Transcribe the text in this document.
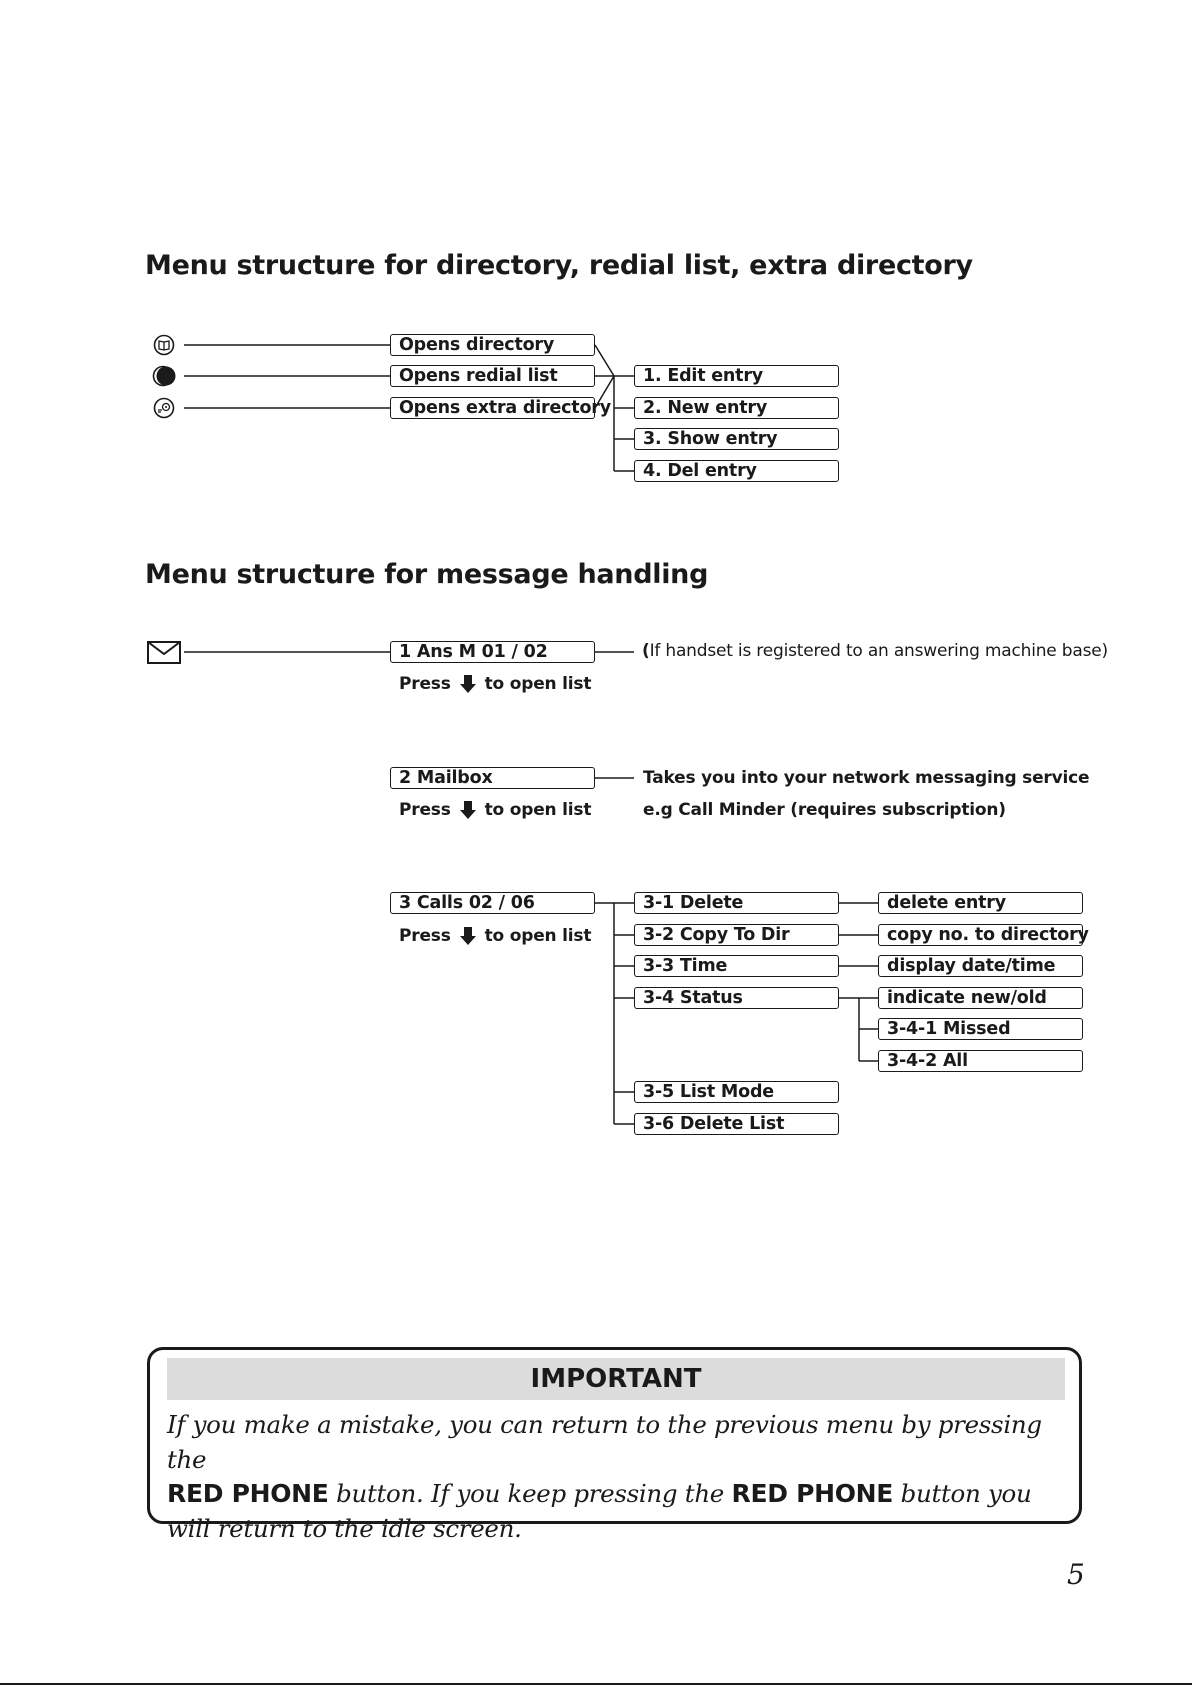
Menu structure for directory, redial list, extra directory
Opens directory
Opens redial list
Opens extra directory
1. Edit entry
2. New entry
3. Show entry
4. Del entry
Menu structure for message handling
1 Ans M 01 / 02	(If handset is registered to an answering machine base)
Press to open list
2 Mailbox	Takes you into your network messaging service
e.g Call Minder (requires subscription)
Press to open list
3 Calls 02 / 06
Press to open list
3-1 Delete
3-2 Copy To Dir
3-3 Time
3-4 Status
3-5 List Mode
3-6 Delete List
delete entry
copy no. to directory
display date/time
indicate new/old
3-4-1 Missed
3-4-2 All
IMPORTANT
If you make a mistake, you can return to the previous menu by pressing the
RED PHONE button. If you keep pressing the RED PHONE button you will return to the idle screen.
5
